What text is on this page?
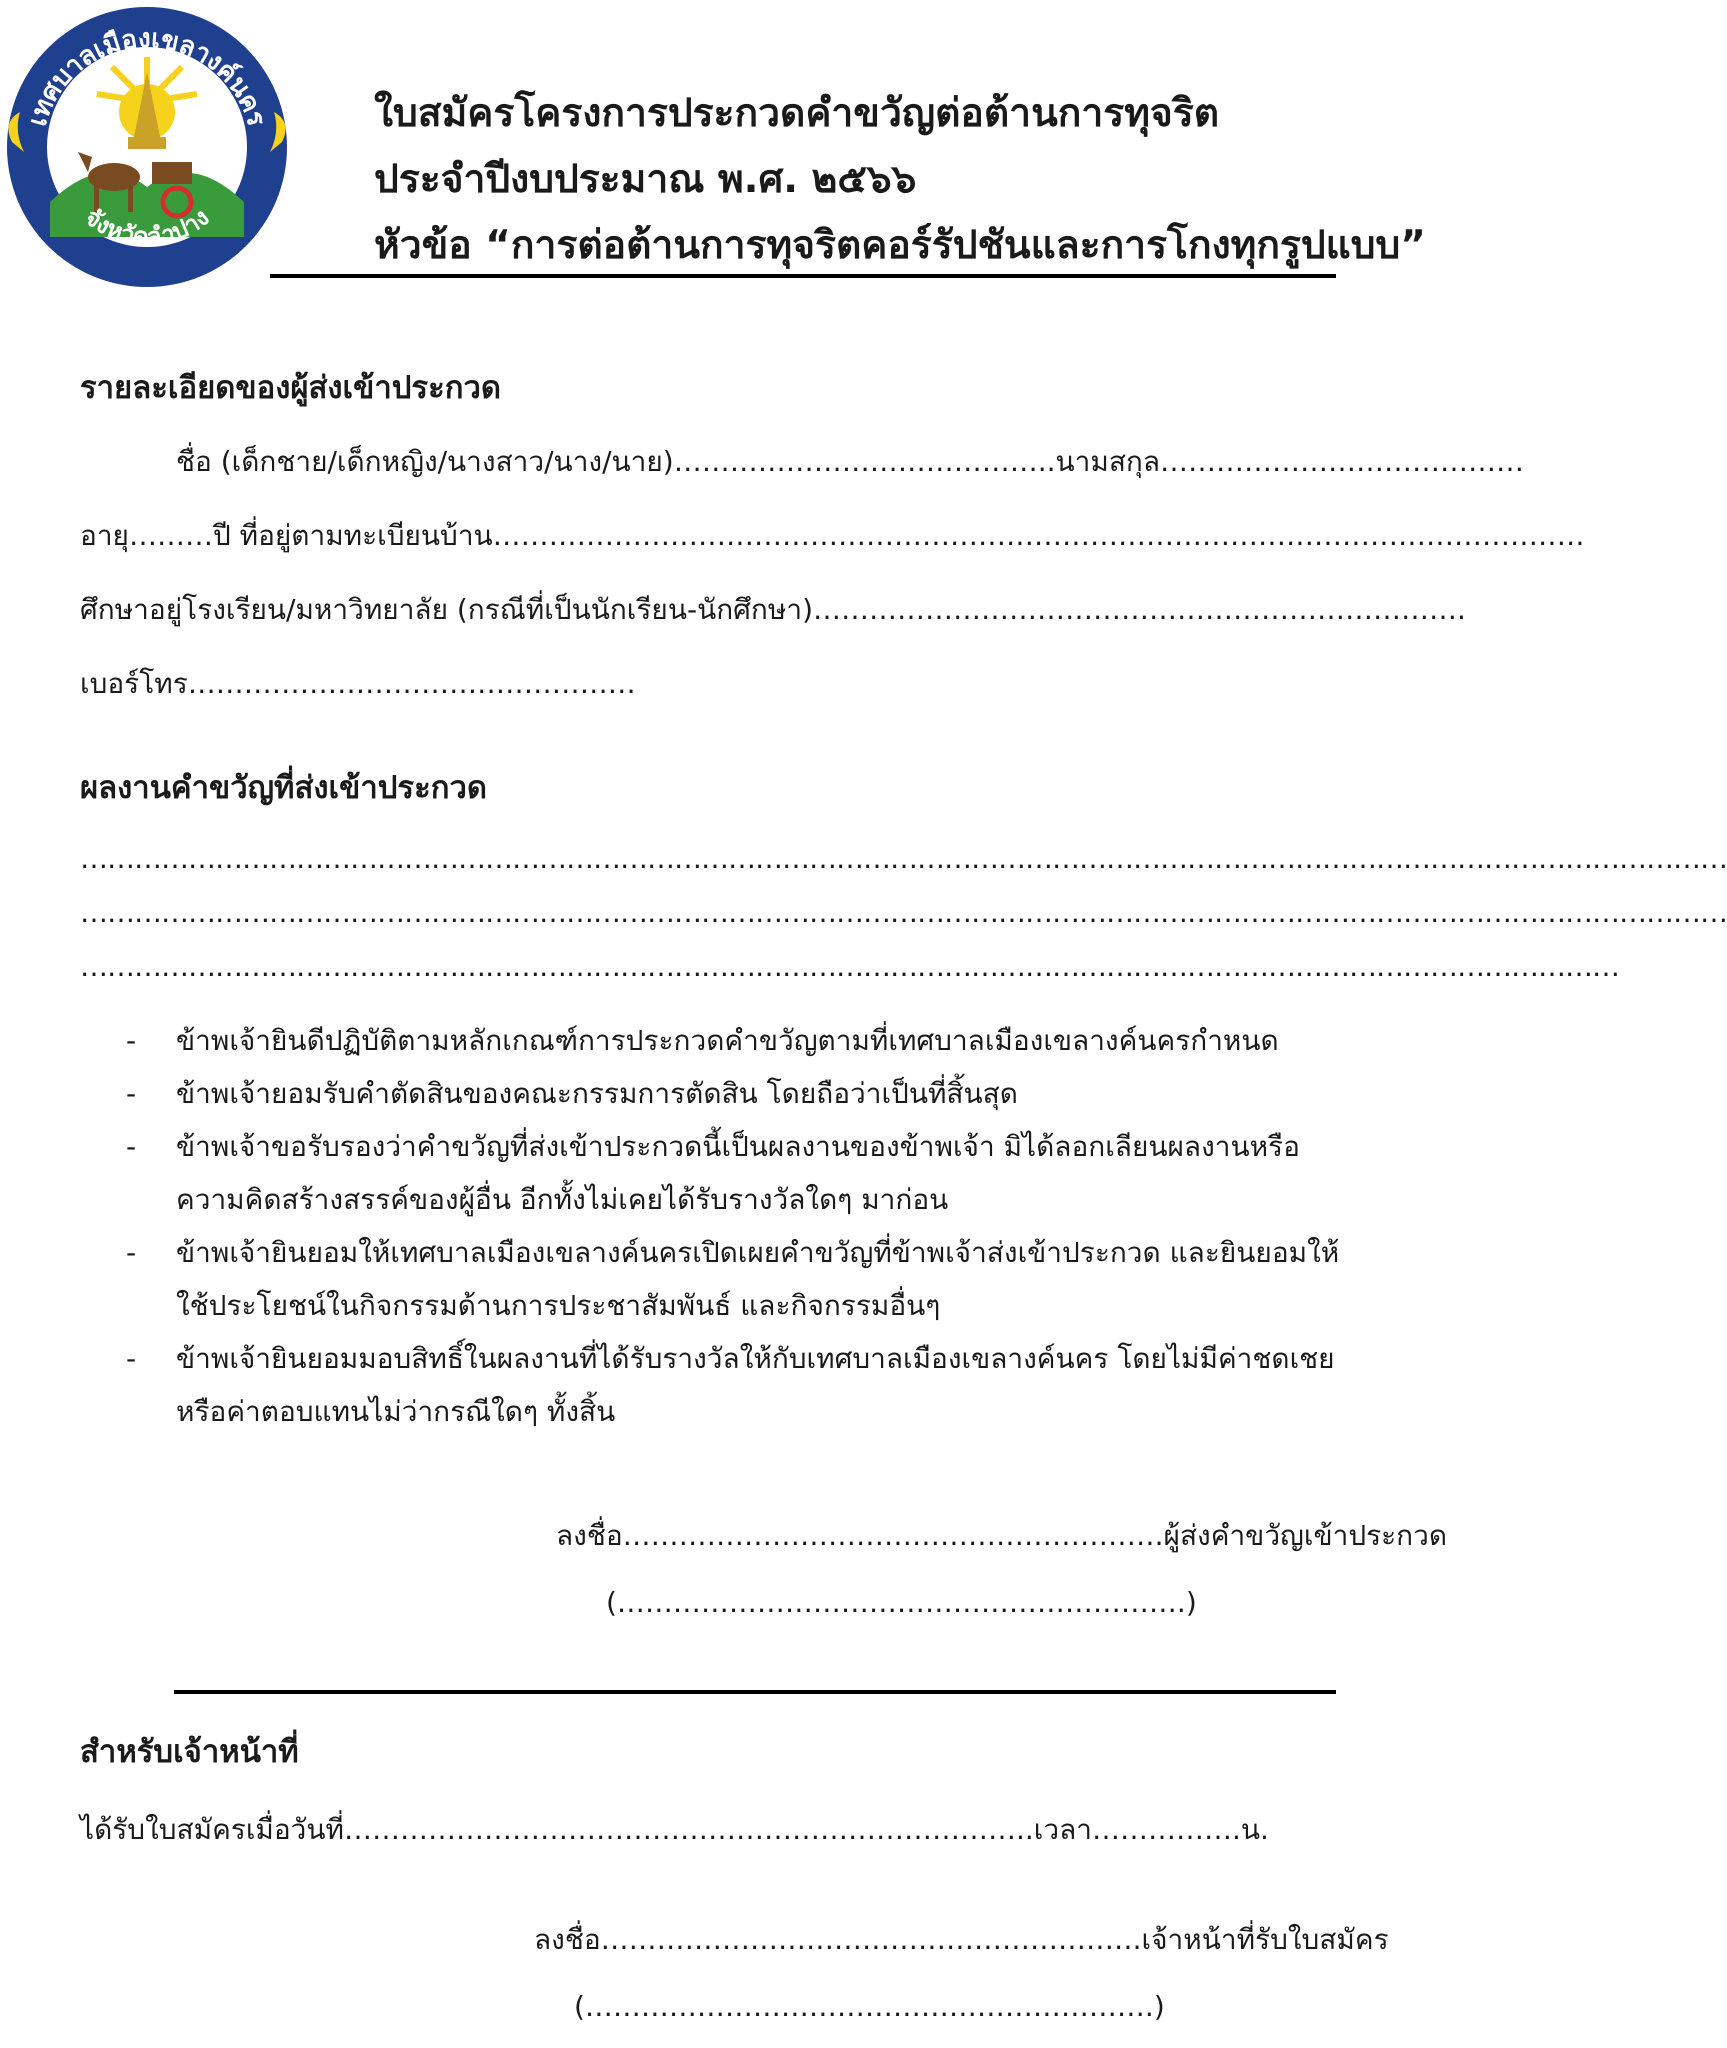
เทศบาลเมืองเขลางค์นคร
จังหวัดลำปาง
ใบสมัครโครงการประกวดคำขวัญต่อต้านการทุจริต
ประจำปีงบประมาณ พ.ศ. ๒๕๖๖
หัวข้อ “การต่อต้านการทุจริตคอร์รัปชันและการโกงทุกรูปแบบ”
รายละเอียดของผู้ส่งเข้าประกวด
ชื่อ (เด็กชาย/เด็กหญิง/นางสาว/นาง/นาย)…………………………………..นามสกุล…………………………………
อายุ………ปี ที่อยู่ตามทะเบียนบ้าน………………………………………………………………………………………………………
ศึกษาอยู่โรงเรียน/มหาวิทยาลัย (กรณีที่เป็นนักเรียน-นักศึกษา)…………………………………………………………….
เบอร์โทร…………………………………………
ผลงานคำขวัญที่ส่งเข้าประกวด
…………………………………………………………………………………………………………………………………………………………………
…………………………………………………………………………………………………………………………………………………………………
………………………………………………………………………………………………………………………………………………………
- ข้าพเจ้ายินดีปฏิบัติตามหลักเกณฑ์การประกวดคำขวัญตามที่เทศบาลเมืองเขลางค์นครกำหนด
- ข้าพเจ้ายอมรับคำตัดสินของคณะกรรมการตัดสิน โดยถือว่าเป็นที่สิ้นสุด
- ข้าพเจ้าขอรับรองว่าคำขวัญที่ส่งเข้าประกวดนี้เป็นผลงานของข้าพเจ้า มิได้ลอกเลียนผลงานหรือความคิดสร้างสรรค์ของผู้อื่น อีกทั้งไม่เคยได้รับรางวัลใดๆ มาก่อน
- ข้าพเจ้ายินยอมให้เทศบาลเมืองเขลางค์นครเปิดเผยคำขวัญที่ข้าพเจ้าส่งเข้าประกวด และยินยอมให้ใช้ประโยชน์ในกิจกรรมด้านการประชาสัมพันธ์ และกิจกรรมอื่นๆ
- ข้าพเจ้ายินยอมมอบสิทธิ์ในผลงานที่ได้รับรางวัลให้กับเทศบาลเมืองเขลางค์นคร โดยไม่มีค่าชดเชยหรือค่าตอบแทนไม่ว่ากรณีใดๆ ทั้งสิ้น
ลงชื่อ………………………………………………….ผู้ส่งคำขวัญเข้าประกวด
(…………………………………………………….)
สำหรับเจ้าหน้าที่
ได้รับใบสมัครเมื่อวันที่………………………………………………………………..เวลา…………….น.
ลงชื่อ………………………………………………….เจ้าหน้าที่รับใบสมัคร
(…………………………………………………….)
